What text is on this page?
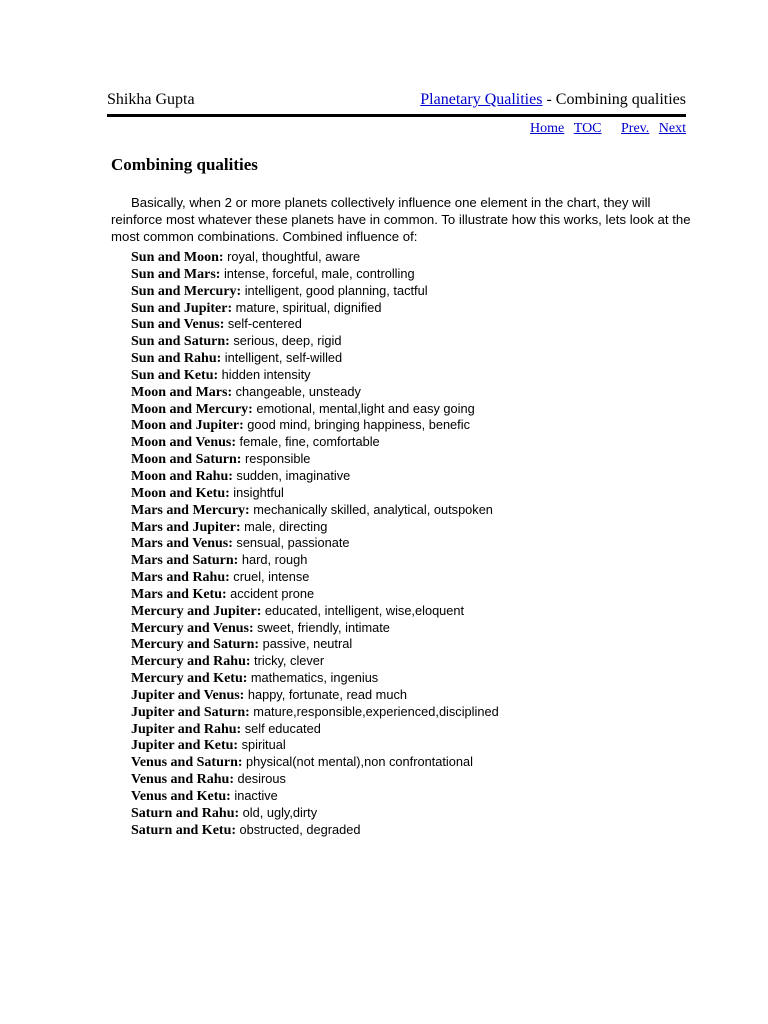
Shikha Gupta	Planetary Qualities - Combining qualities
Home TOC Prev. Next
Combining qualities

Basically, when 2 or more planets collectively influence one element in the chart, they will reinforce most whatever these planets have in common. To illustrate how this works, lets look at the most common combinations. Combined influence of:

Sun and Moon: royal, thoughtful, aware
Sun and Mars: intense, forceful, male, controlling
Sun and Mercury: intelligent, good planning, tactful
Sun and Jupiter: mature, spiritual, dignified
Sun and Venus: self-centered
Sun and Saturn: serious, deep, rigid
Sun and Rahu: intelligent, self-willed
Sun and Ketu: hidden intensity
Moon and Mars: changeable, unsteady
Moon and Mercury: emotional, mental,light and easy going
Moon and Jupiter: good mind, bringing happiness, benefic
Moon and Venus: female, fine, comfortable
Moon and Saturn: responsible
Moon and Rahu: sudden, imaginative
Moon and Ketu: insightful
Mars and Mercury: mechanically skilled, analytical, outspoken
Mars and Jupiter: male, directing
Mars and Venus: sensual, passionate
Mars and Saturn: hard, rough
Mars and Rahu: cruel, intense
Mars and Ketu: accident prone
Mercury and Jupiter: educated, intelligent, wise,eloquent
Mercury and Venus: sweet, friendly, intimate
Mercury and Saturn: passive, neutral
Mercury and Rahu: tricky, clever
Mercury and Ketu: mathematics, ingenius
Jupiter and Venus: happy, fortunate, read much
Jupiter and Saturn: mature,responsible,experienced,disciplined
Jupiter and Rahu: self educated
Jupiter and Ketu: spiritual
Venus and Saturn: physical(not mental),non confrontational
Venus and Rahu: desirous
Venus and Ketu: inactive
Saturn and Rahu: old, ugly,dirty
Saturn and Ketu: obstructed, degraded
